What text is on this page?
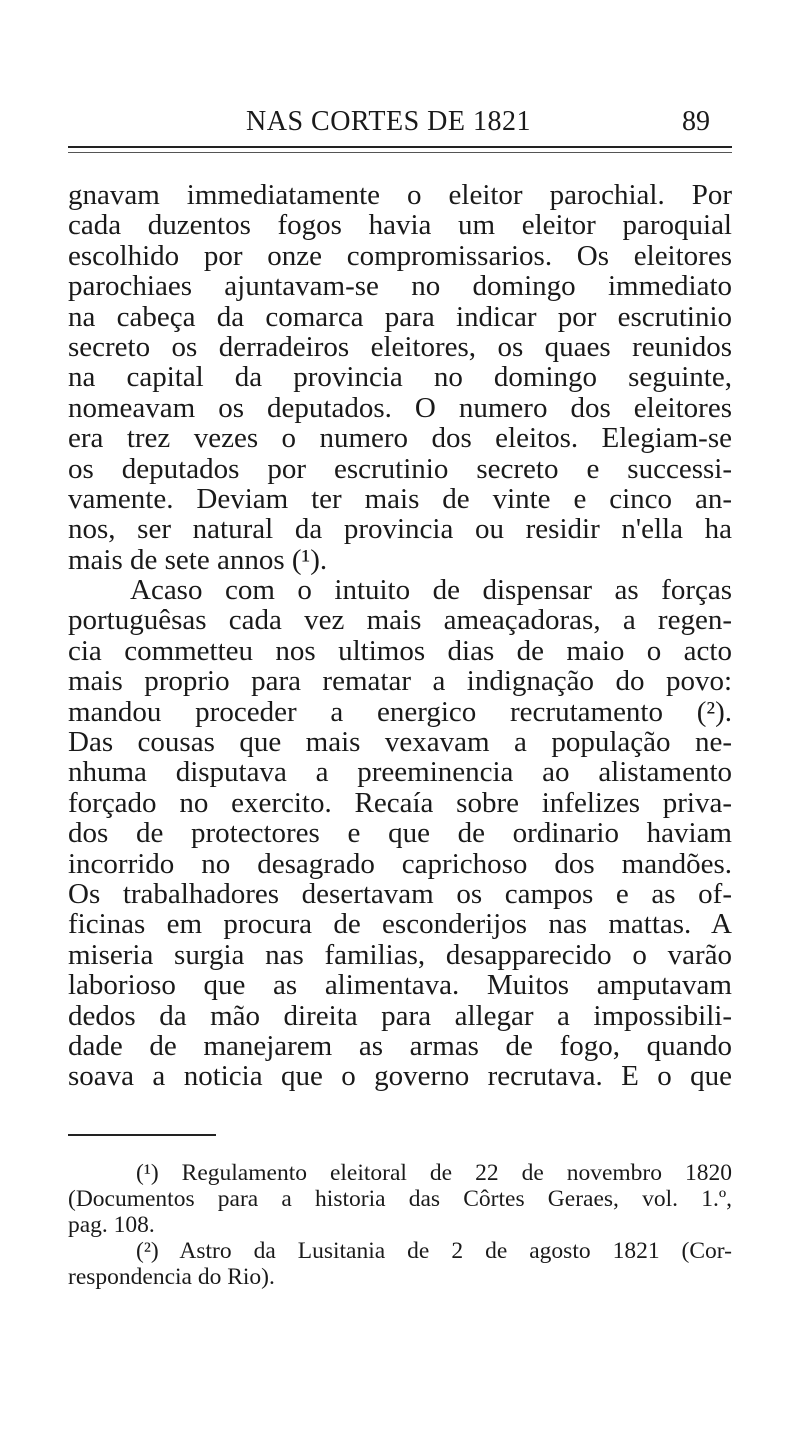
NAS CORTES DE 1821	89
gnavam immediatamente o eleitor parochial. Por
cada duzentos fogos havia um eleitor paroquial
escolhido por onze compromissarios. Os eleitores
parochiaes ajuntavam-se no domingo immediato
na cabeça da comarca para indicar por escrutinio
secreto os derradeiros eleitores, os quaes reunidos
na capital da provincia no domingo seguinte,
nomeavam os deputados. O numero dos eleitores
era trez vezes o numero dos eleitos. Elegiam-se
os deputados por escrutinio secreto e successi-
vamente. Deviam ter mais de vinte e cinco an-
nos, ser natural da provincia ou residir n'ella ha
mais de sete annos (¹).
Acaso com o intuito de dispensar as forças
portuguêsas cada vez mais ameaçadoras, a regen-
cia commetteu nos ultimos dias de maio o acto
mais proprio para rematar a indignação do povo:
mandou proceder a energico recrutamento (²).
Das cousas que mais vexavam a população ne-
nhuma disputava a preeminencia ao alistamento
forçado no exercito. Recaía sobre infelizes priva-
dos de protectores e que de ordinario haviam
incorrido no desagrado caprichoso dos mandões.
Os trabalhadores desertavam os campos e as of-
ficinas em procura de esconderijos nas mattas. A
miseria surgia nas familias, desapparecido o varão
laborioso que as alimentava. Muitos amputavam
dedos da mão direita para allegar a impossibili-
dade de manejarem as armas de fogo, quando
soava a noticia que o governo recrutava. E o que
(¹) Regulamento eleitoral de 22 de novembro 1820
(Documentos para a historia das Côrtes Geraes, vol. 1.º,
pag. 108.
(²) Astro da Lusitania de 2 de agosto 1821 (Cor-
respondencia do Rio).
